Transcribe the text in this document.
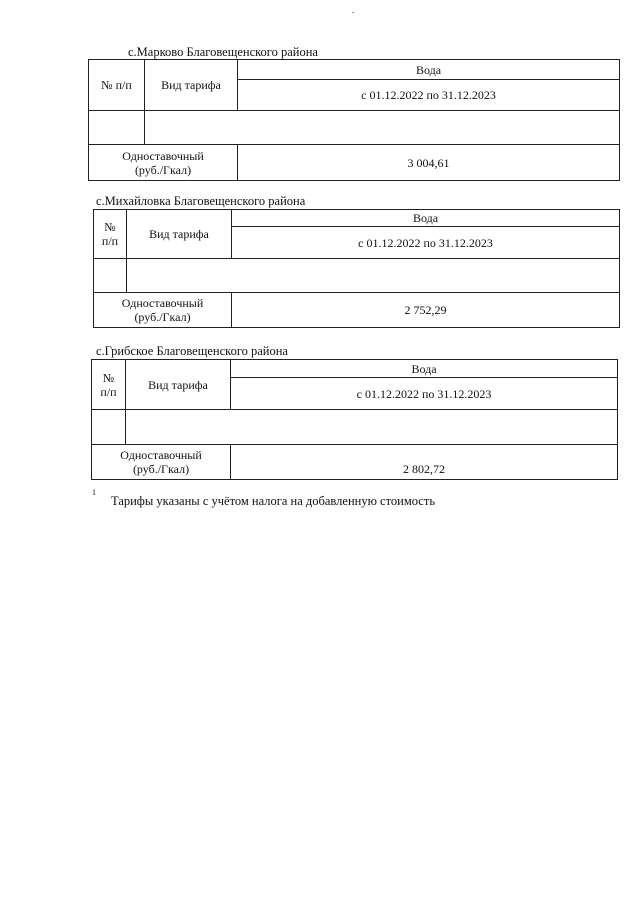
с.Марково Благовещенского района
№ п/п	Вид тарифа
Вода
с 01.12.2022 по 31.12.2023
Одноставочный
(руб./Гкал)	3 004,61
с.Михайловка Благовещенского района
№
п/п	Вид тарифа
Вода
с 01.12.2022 по 31.12.2023
Одноставочный
(руб./Гкал)	2 752,29
с.Грибское Благовещенского района
№
п/п	Вид тарифа
Вода
с 01.12.2022 по 31.12.2023
Одноставочный
(руб./Гкал)	2 802,72
1
Тарифы указаны с учётом налога на добавленную стоимость
